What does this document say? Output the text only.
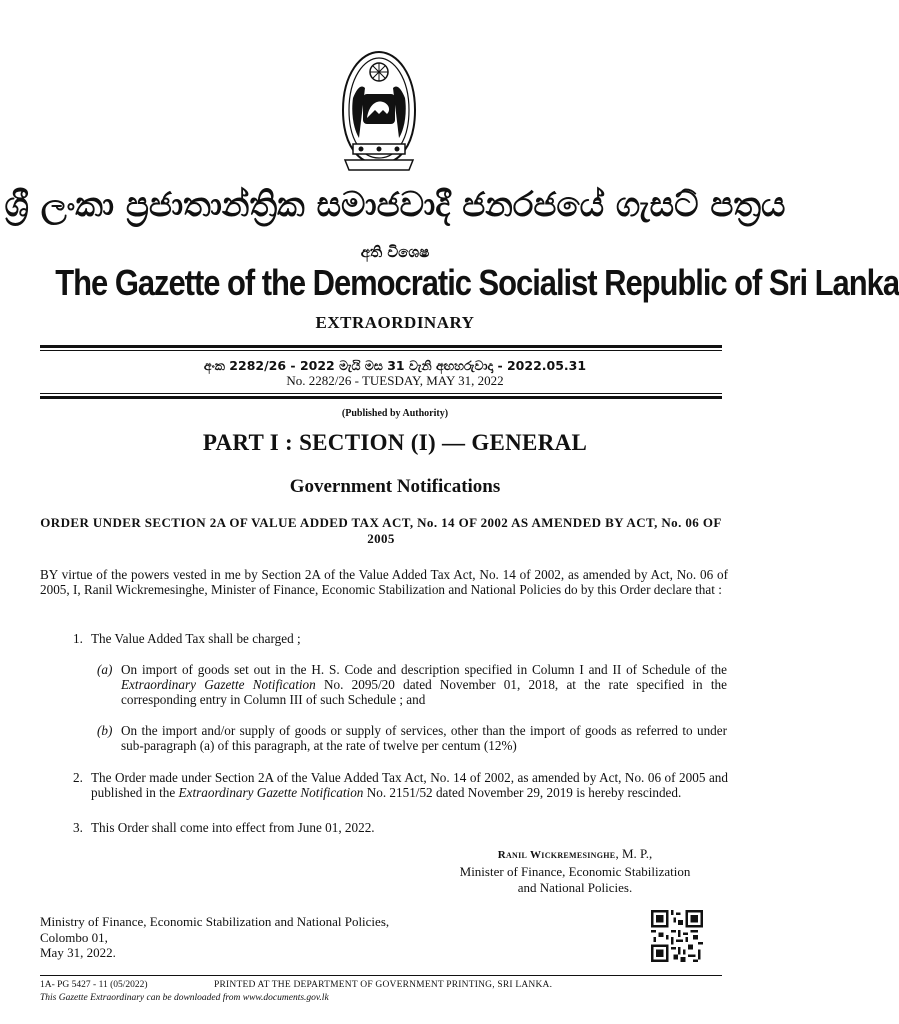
ශ්‍රී ලංකා ප්‍රජාතාන්ත්‍රික සමාජවාදී ජනරජයේ ගැසට් පත්‍රය
අති විශෙෂ
The Gazette of the Democratic Socialist Republic of Sri Lanka
EXTRAORDINARY
අංක 2282/26 - 2022 මැයි මස 31 වැනි අඟහරුවාදා - 2022.05.31
No. 2282/26 - TUESDAY, MAY 31, 2022
(Published by Authority)
PART I : SECTION (I) — GENERAL
Government Notifications
ORDER UNDER SECTION 2A OF VALUE ADDED TAX ACT, No. 14 OF 2002 AS AMENDED BY ACT, No. 06 OF 2005
BY virtue of the powers vested in me by Section 2A of the Value Added Tax Act, No. 14 of 2002, as amended by Act, No. 06 of 2005, I, Ranil Wickremesinghe, Minister of Finance, Economic Stabilization and National Policies do by this Order declare that :
1. The Value Added Tax shall be charged ;
(a) On import of goods set out in the H. S. Code and description specified in Column I and II of Schedule of the Extraordinary Gazette Notification No. 2095/20 dated November 01, 2018, at the rate specified in the corresponding entry in Column III of such Schedule ; and
(b) On the import and/or supply of goods or supply of services, other than the import of goods as referred to under sub-paragraph (a) of this paragraph, at the rate of twelve per centum (12%)
2. The Order made under Section 2A of the Value Added Tax Act, No. 14 of 2002, as amended by Act, No. 06 of 2005 and published in the Extraordinary Gazette Notification No. 2151/52 dated November 29, 2019 is hereby rescinded.
3. This Order shall come into effect from June 01, 2022.
Ranil Wickremesinghe, M. P.,
Minister of Finance, Economic Stabilization
and National Policies.
Ministry of Finance, Economic Stabilization and National Policies,
Colombo 01,
May 31, 2022.
1A- PG 5427 - 11 (05/2022)	PRINTED AT THE DEPARTMENT OF GOVERNMENT PRINTING, SRI LANKA.
This Gazette Extraordinary can be downloaded from www.documents.gov.lk
